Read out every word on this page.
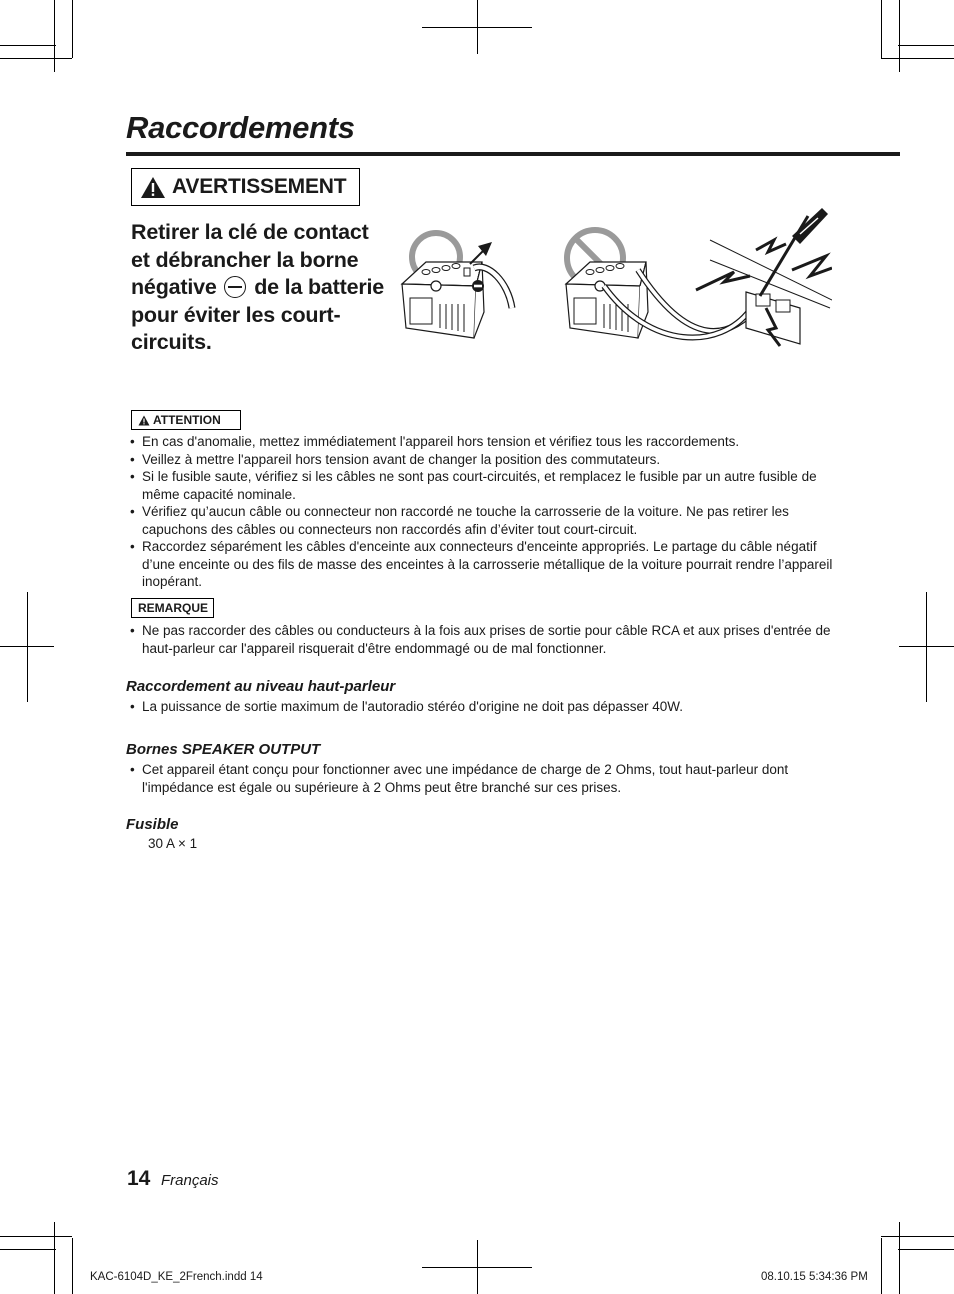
Raccordements
AVERTISSEMENT
Retirer la clé de contact et débrancher la borne négative de la batterie pour éviter les court-circuits.
ATTENTION
• En cas d'anomalie, mettez immédiatement l'appareil hors tension et vérifiez tous les raccordements.
• Veillez à mettre l'appareil hors tension avant de changer la position des commutateurs.
• Si le fusible saute, vérifiez si les câbles ne sont pas court-circuités, et remplacez le fusible par un autre fusible de même capacité nominale.
• Vérifiez qu’aucun câble ou connecteur non raccordé ne touche la carrosserie de la voiture. Ne pas retirer les capuchons des câbles ou connecteurs non raccordés afin d’éviter tout court-circuit.
• Raccordez séparément les câbles d'enceinte aux connecteurs d'enceinte appropriés. Le partage du câble négatif d’une enceinte ou des fils de masse des enceintes à la carrosserie métallique de la voiture pourrait rendre l’appareil inopérant.
REMARQUE
• Ne pas raccorder des câbles ou conducteurs à la fois aux prises de sortie pour câble RCA et aux prises d'entrée de haut-parleur car l'appareil risquerait d'être endommagé ou de mal fonctionner.
Raccordement au niveau haut-parleur
• La puissance de sortie maximum de l'autoradio stéréo d'origine ne doit pas dépasser 40W.
Bornes SPEAKER OUTPUT
• Cet appareil étant conçu pour fonctionner avec une impédance de charge de 2 Ohms, tout haut-parleur dont l'impédance est égale ou supérieure à 2 Ohms peut être branché sur ces prises.
Fusible
30 A × 1
14 Français
KAC-6104D_KE_2French.indd 14	08.10.15 5:34:36 PM
